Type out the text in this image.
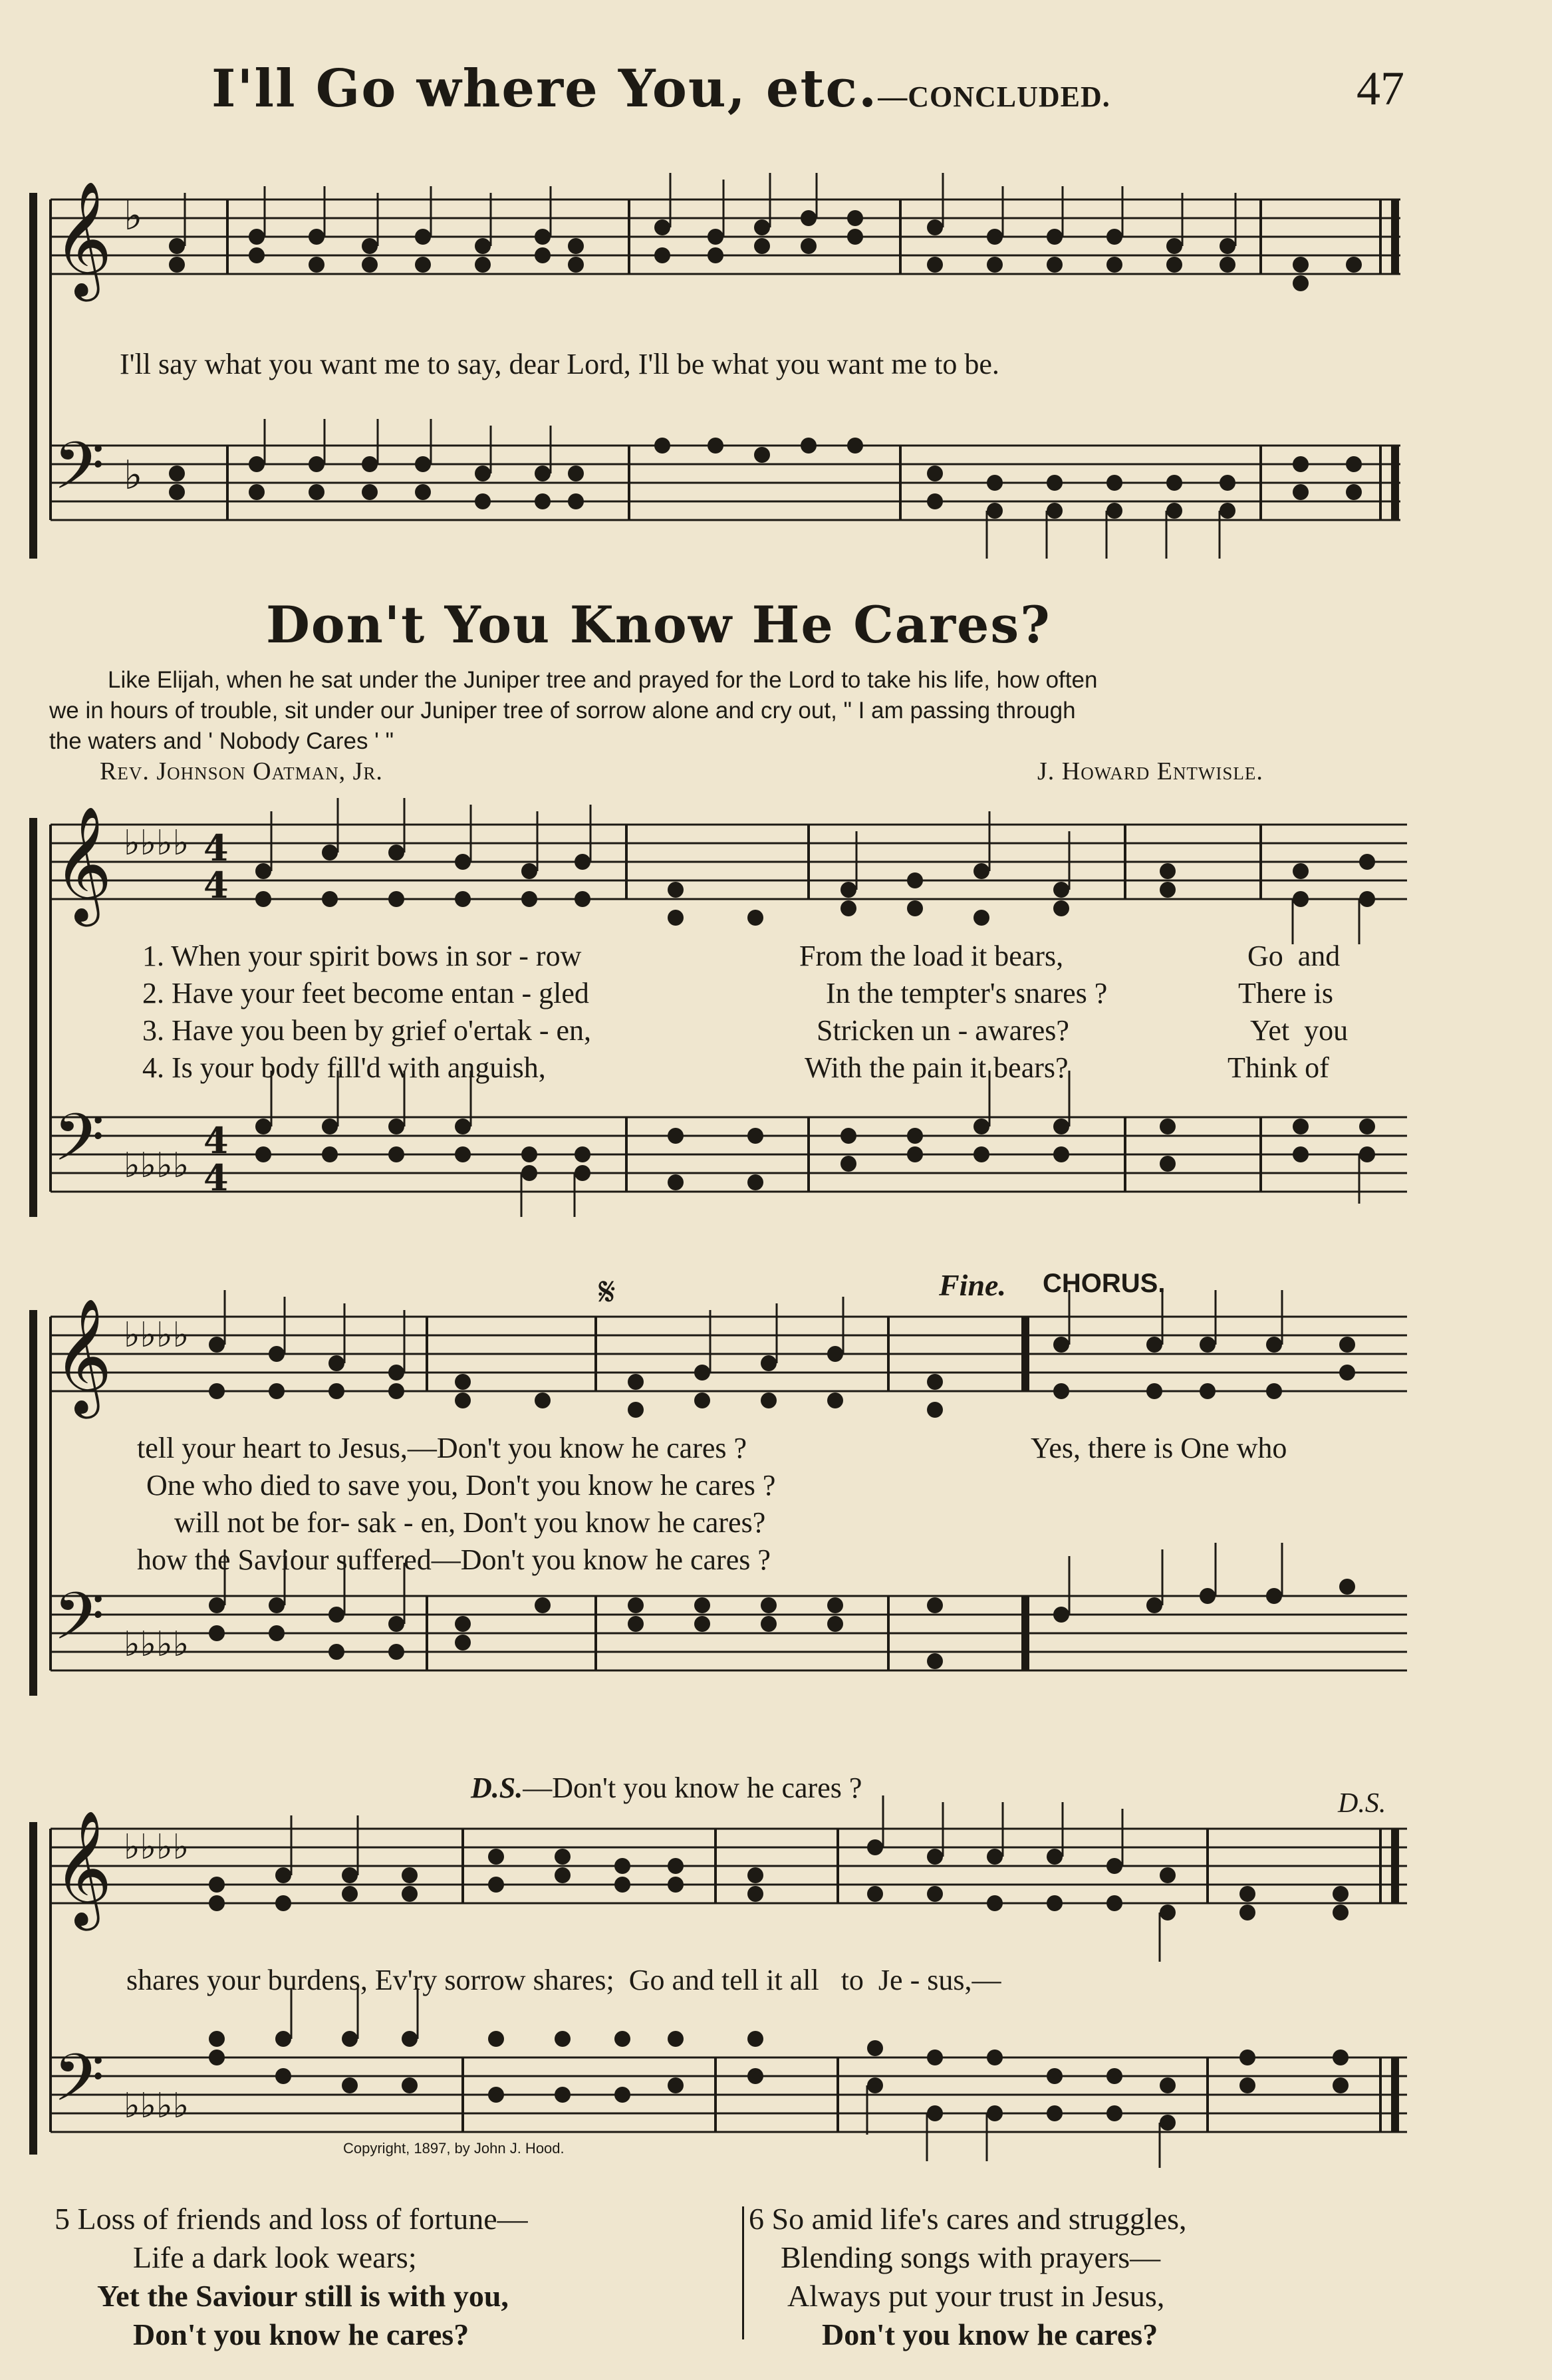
I'll Go where You, etc.—CONCLUDED.	47
𝄞
𝄢
♭
♭
I'll say what you want me to say, dear Lord, I'll be what you want me to be.
Don't You Know He Cares?
Like Elijah, when he sat under the Juniper tree and prayed for the Lord to take his life, how often
we in hours of trouble, sit under our Juniper tree of sorrow alone and cry out, " I am passing through
the waters and ' Nobody Cares ' "
Rev. Johnson Oatman, Jr.	J. Howard Entwisle.
𝄞
𝄢
♭♭♭♭
♭♭♭♭
4
4
4
4
1. When your spirit bows in sor - row	From the load it bears,	Go  and
2. Have your feet become entan - gled	In the tempter's snares ?	There is
3. Have you been by grief o'ertak - en,	Stricken un - awares?	Yet  you
4. Is your body fill'd with anguish,	With the pain it bears?	Think of
𝄋	Fine. CHORUS.
𝄞
𝄢
♭♭♭♭
♭♭♭♭
tell your heart to Jesus,—Don't you know he cares ?	Yes, there is One who
One who died to save you, Don't you know he cares ?
will not be for- sak - en, Don't you know he cares?
how the Saviour suffered—Don't you know he cares ?

D.S.—Don't you know he cares ?	D.S.
𝄞
𝄢
♭♭♭♭
♭♭♭♭
shares your burdens, Ev'ry sorrow shares;  Go and tell it all   to  Je - sus,—
Copyright, 1897, by John J. Hood.
5 Loss of friends and loss of fortune—
Life a dark look wears;
Yet the Saviour still is with you,
Don't you know he cares?
6 So amid life's cares and struggles,
Blending songs with prayers—
Always put your trust in Jesus,
Don't you know he cares?
